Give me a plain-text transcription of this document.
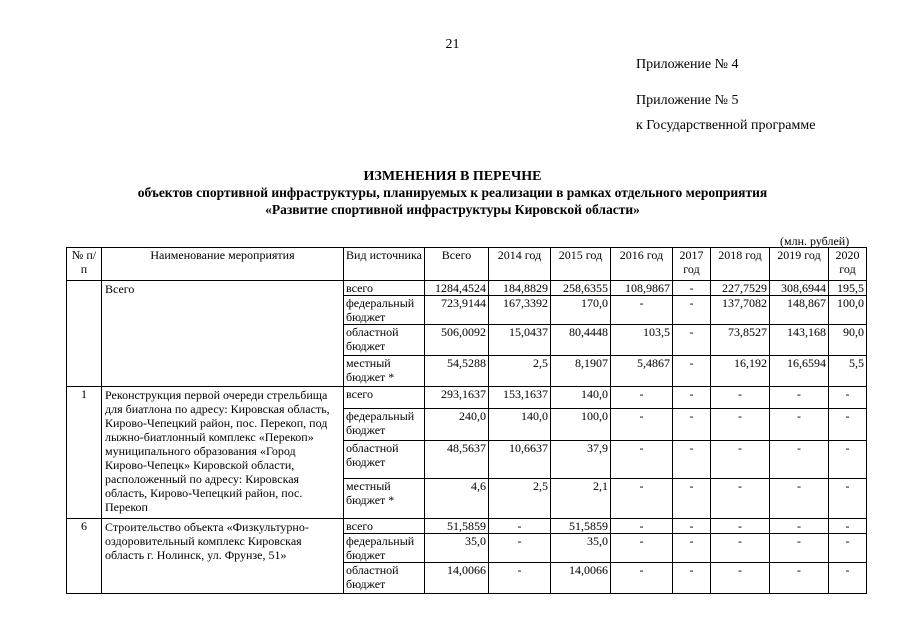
21
Приложение № 4
Приложение № 5
к Государственной программе
ИЗМЕНЕНИЯ В ПЕРЕЧНЕ
объектов спортивной инфраструктуры, планируемых к реализации в рамках отдельного мероприятия
«Развитие спортивной инфраструктуры Кировской области»
(млн. рублей)
№ п/п	Наименование мероприятия	Вид источника	Всего	2014 год	2015 год	2016 год	2017 год	2018 год	2019 год	2020 год
	Всего	всего	1284,4524	184,8829	258,6355	108,9867	-	227,7529	308,6944	195,5
		федеральный бюджет	723,9144	167,3392	170,0	-	-	137,7082	148,867	100,0
		областной бюджет	506,0092	15,0437	80,4448	103,5	-	73,8527	143,168	90,0
		местный бюджет *	54,5288	2,5	8,1907	5,4867	-	16,192	16,6594	5,5
1	Реконструкция первой очереди стрельбища для биатлона по адресу: Кировская область, Кирово-Чепецкий район, пос. Перекоп, под лыжно-биатлонный комплекс «Перекоп» муниципального образования «Город Кирово-Чепецк» Кировской области, расположенный по адресу: Кировская область, Кирово-Чепецкий район, пос. Перекоп	всего	293,1637	153,1637	140,0	-	-	-	-	-
		федеральный бюджет	240,0	140,0	100,0	-	-	-	-	-
		областной бюджет	48,5637	10,6637	37,9	-	-	-	-	-
		местный бюджет *	4,6	2,5	2,1	-	-	-	-	-
6	Строительство объекта «Физкультурно-оздоровительный комплекс Кировская область г. Нолинск, ул. Фрунзе, 51»	всего	51,5859	-	51,5859	-	-	-	-	-
		федеральный бюджет	35,0	-	35,0	-	-	-	-	-
		областной бюджет	14,0066	-	14,0066	-	-	-	-	-
